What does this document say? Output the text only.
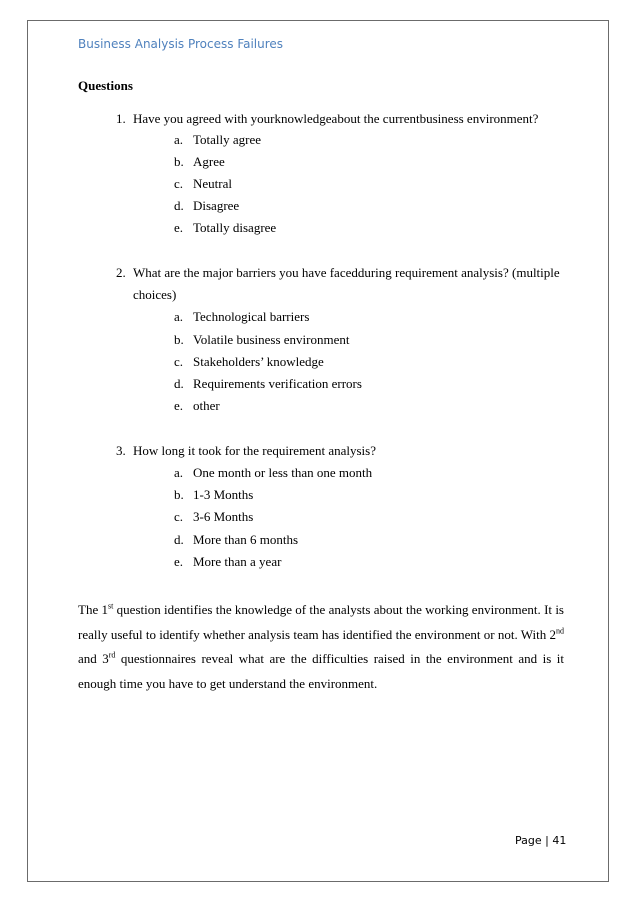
Business Analysis Process Failures
Questions
1. Have you agreed with yourknowledgeabout the currentbusiness environment?
a. Totally agree
b. Agree
c. Neutral
d. Disagree
e. Totally disagree
2. What are the major barriers you have facedduring requirement analysis? (multiple choices)
a. Technological barriers
b. Volatile business environment
c. Stakeholders’ knowledge
d. Requirements verification errors
e. other
3. How long it took for the requirement analysis?
a. One month or less than one month
b. 1-3 Months
c. 3-6 Months
d. More than 6 months
e. More than a year

The 1st question identifies the knowledge of the analysts about the working environment. It is really useful to identify whether analysis team has identified the environment or not. With 2nd and 3rd questionnaires reveal what are the difficulties raised in the environment and is it enough time you have to get understand the environment.

Page | 41
